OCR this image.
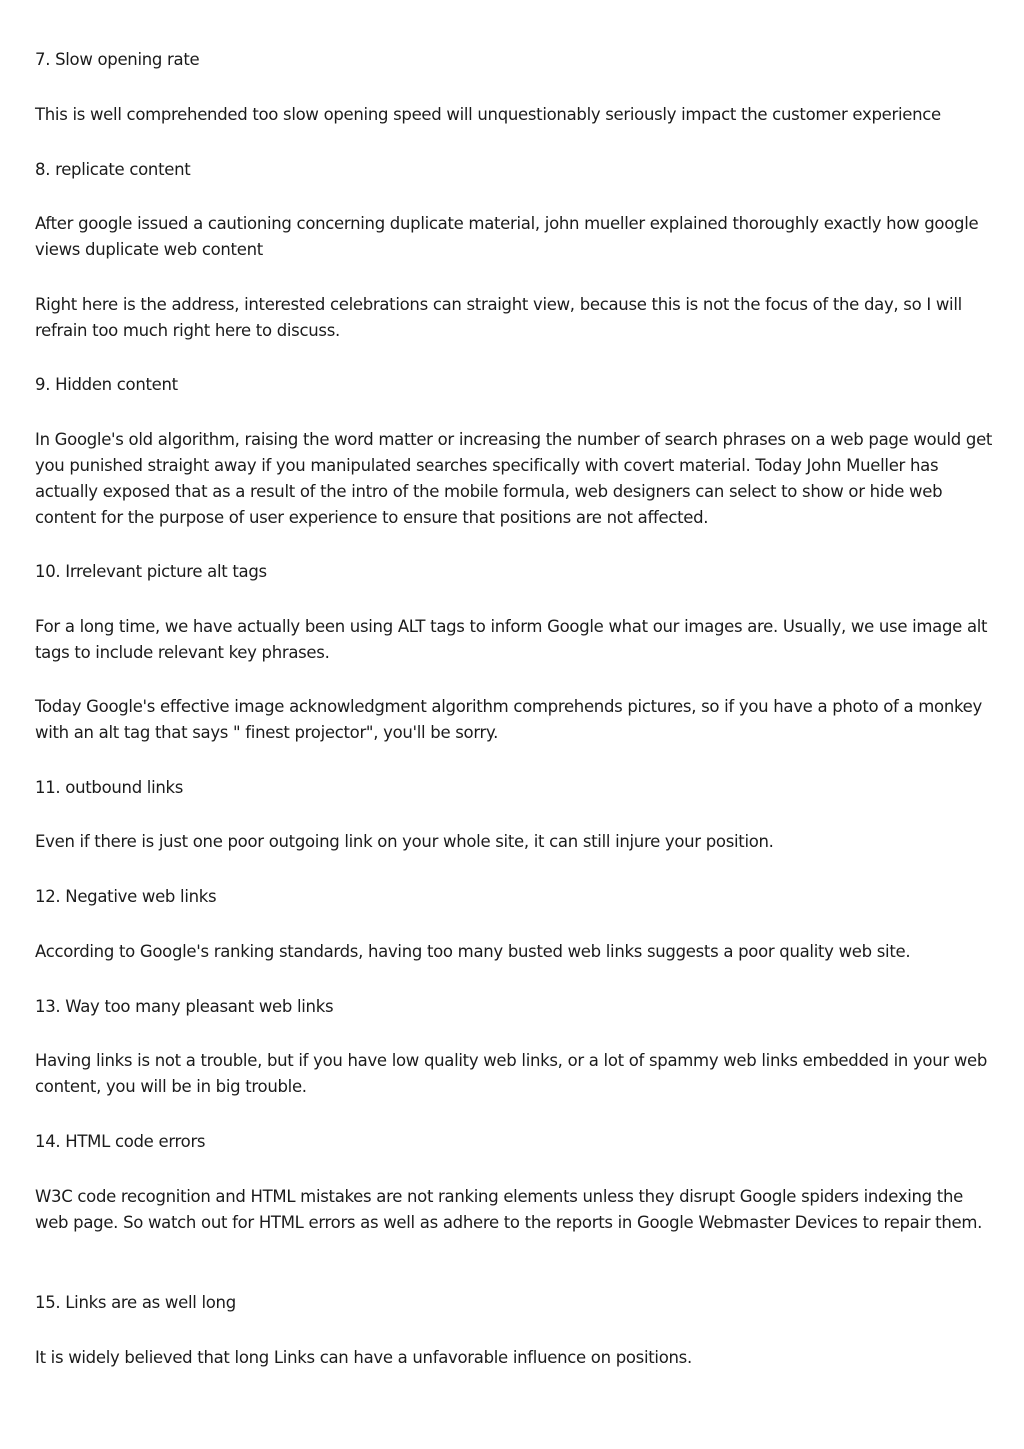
7. Slow opening rate

This is well comprehended too slow opening speed will unquestionably seriously impact the customer experience

8. replicate content

After google issued a cautioning concerning duplicate material, john mueller explained thoroughly exactly how google views duplicate web content

Right here is the address, interested celebrations can straight view, because this is not the focus of the day, so I will refrain too much right here to discuss.

9. Hidden content

In Google's old algorithm, raising the word matter or increasing the number of search phrases on a web page would get you punished straight away if you manipulated searches specifically with covert material. Today John Mueller has actually exposed that as a result of the intro of the mobile formula, web designers can select to show or hide web content for the purpose of user experience to ensure that positions are not affected.

10. Irrelevant picture alt tags

For a long time, we have actually been using ALT tags to inform Google what our images are. Usually, we use image alt tags to include relevant key phrases.

Today Google's effective image acknowledgment algorithm comprehends pictures, so if you have a photo of a monkey with an alt tag that says " finest projector", you'll be sorry.

11. outbound links

Even if there is just one poor outgoing link on your whole site, it can still injure your position.

12. Negative web links

According to Google's ranking standards, having too many busted web links suggests a poor quality web site.

13. Way too many pleasant web links

Having links is not a trouble, but if you have low quality web links, or a lot of spammy web links embedded in your web content, you will be in big trouble.

14. HTML code errors

W3C code recognition and HTML mistakes are not ranking elements unless they disrupt Google spiders indexing the web page. So watch out for HTML errors as well as adhere to the reports in Google Webmaster Devices to repair them.

15. Links are as well long

It is widely believed that long Links can have a unfavorable influence on positions.
